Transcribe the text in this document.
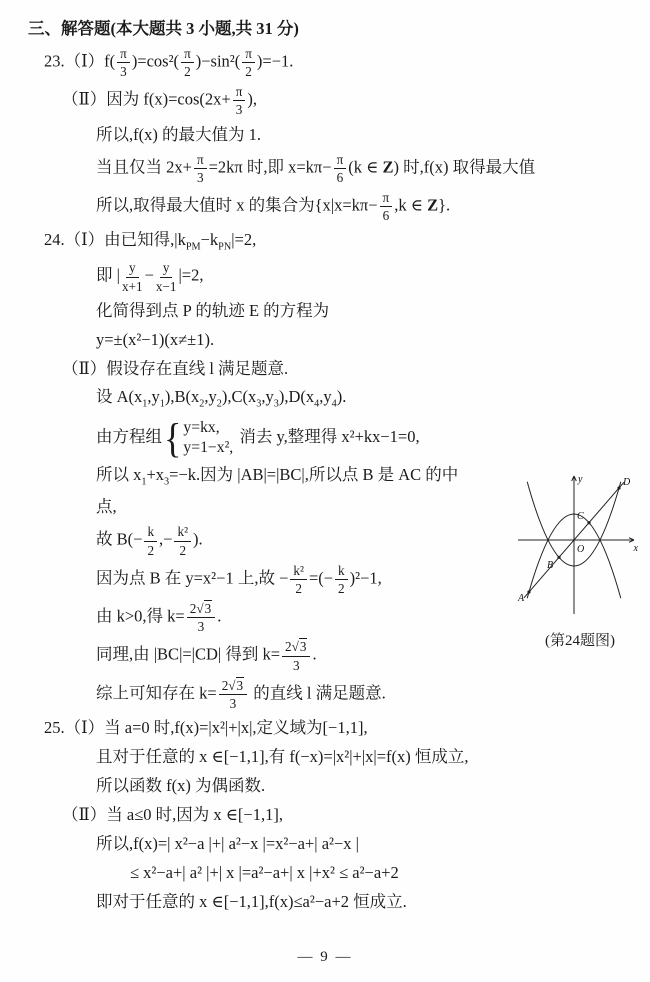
三、解答题(本大题共 3 小题,共 31 分)
23.（Ⅰ）f( $\frac{\pi}{3} )=\cos^2( \frac{\pi}{2} )-\sin^2( \frac{\pi}{2} )=-1$.
（Ⅱ）因为 $f(x)=\cos(2x+ \frac{\pi}{3}$ ),
所以,f(x) 的最大值为 1.
当且仅当 $2x+ \frac{\pi}{3} =2k\pi$ 时,即 $x=k\pi- \frac{\pi}{6} (k$ ∈ Z) 时,f(x) 取得最大值
所以,取得最大值时 x 的集合为{$x|x=k\pi- \frac{\pi}{6} ,k$ ∈ Z}.
24.（Ⅰ）由已知得$,|k_{PM}-k_{PN}|=2$,
即 | $\frac{y}{x+1} - \frac{y}{x-1} |=2$,
化简得到点 P 的轨迹 E 的方程为
y=±(x²−1)(x≠±1).
（Ⅱ）假设存在直线 l 满足题意.
设 $A(x_1,y_1),B(x_2,y_2),C(x_3,y_3),D(x_4,y_4)$.
由方程组 { y=kx,
y=1−x²,
消去 y,整理得 x²+kx−1=0,
所以 $x_1+x_3=-k$.因为 |AB|=|BC|,所以点 B 是 AC 的中
点,
故 $B(- \frac{k}{2}$ ,− $\frac{\text{k²}}{2}$ ).
因为点 B 在 y=x²−1 上,故 − $\frac{\text{k²}}{2}$ =(− $\frac{k}{2} )^2-1$,
由 k>0,得 $k= \frac{2√3}{3}$ .
同理,由 |BC|=|CD| 得到 $k= \frac{2√3}{3}$ .
综上可知存在 $k= \frac{2√3}{3}$ 的直线 l 满足题意.
25.（Ⅰ）当 a=0 时,f(x)=|x²|+|x|,定义域为[−1,1],
且对于任意的 x ∈[−1,1],有 f(−x)=|x²|+|x|=f(x) 恒成立,
所以函数 f(x) 为偶函数.
（Ⅱ）当 a≤0 时,因为 x ∈[−1,1],
所以,f(x)=| x²−a |+| a²−x |=x²−a+| a²−x |
≤ x²−a+| a² |+| x |=a²−a+| x |+x² ≤ a²−a+2
即对于任意的 x ∈[−1,1],f(x)≤a²−a+2 恒成立.
y
x
O
A
B
C
D
(第24题图)
— 9 —
